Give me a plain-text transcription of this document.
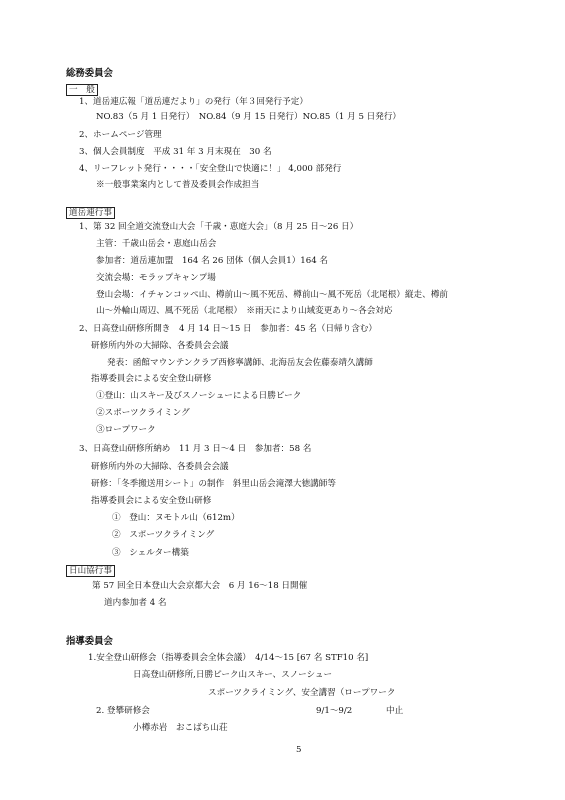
総務委員会
一　般
1、道岳連広報「道岳連だより」の発行（年３回発行予定）
NO.83（5 月 1 日発行）　NO.84（9 月 15 日発行）NO.85（1 月 5 日発行）
2、ホームページ管理
3、個人会員制度　平成 31 年 3 月末現在　30 名
4、リーフレット発行・・・・「安全登山で快適に！」 4,000 部発行
※一般事業案内として普及委員会作成担当
道岳連行事
1、第 32 回全道交流登山大会「千歳・恵庭大会」（8 月 25 日〜26 日）
主管：千歳山岳会・恵庭山岳会
参加者：道岳連加盟　164 名 26 団体（個人会員1）164 名
交流会場：モラップキャンプ場
登山会場：イチャンコッペ山、樽前山〜風不死岳、樽前山〜風不死岳（北尾根）縦走、樽前
山〜外輪山周辺、風不死岳（北尾根）　※雨天により山域変更あり〜各会対応
2、日高登山研修所開き　4 月 14 日〜15 日　参加者：45 名（日帰り含む）
研修所内外の大掃除、各委員会会議
発表：函館マウンテンクラブ西修寧講師、北海岳友会佐藤泰靖久講師
指導委員会による安全登山研修
①登山：山スキー及びスノーシューによる日勝ピーク
②スポーツクライミング
③ロープワーク
3、日高登山研修所納め　11 月 3 日〜4 日　参加者：58 名
研修所内外の大掃除、各委員会会議
研修：「冬季搬送用シート」の制作　斜里山岳会滝澤大徳講師等
指導委員会による安全登山研修
①　登山：ヌモトル山（612m）
②　スポーツクライミング
③　シェルター構築
日山協行事
第 57 回全日本登山大会京都大会　6 月 16〜18 日開催
道内参加者 4 名
指導委員会
1.安全登山研修会（指導委員会全体会議）　4/14〜15 [67 名 STF10 名]
日高登山研修所,日勝ピーク山スキー、スノーシュー
スポーツクライミング、安全講習（ロープワーク
2. 登攀研修会	9/1〜9/2	中止
小樽赤岩　おこばち山荘
5
